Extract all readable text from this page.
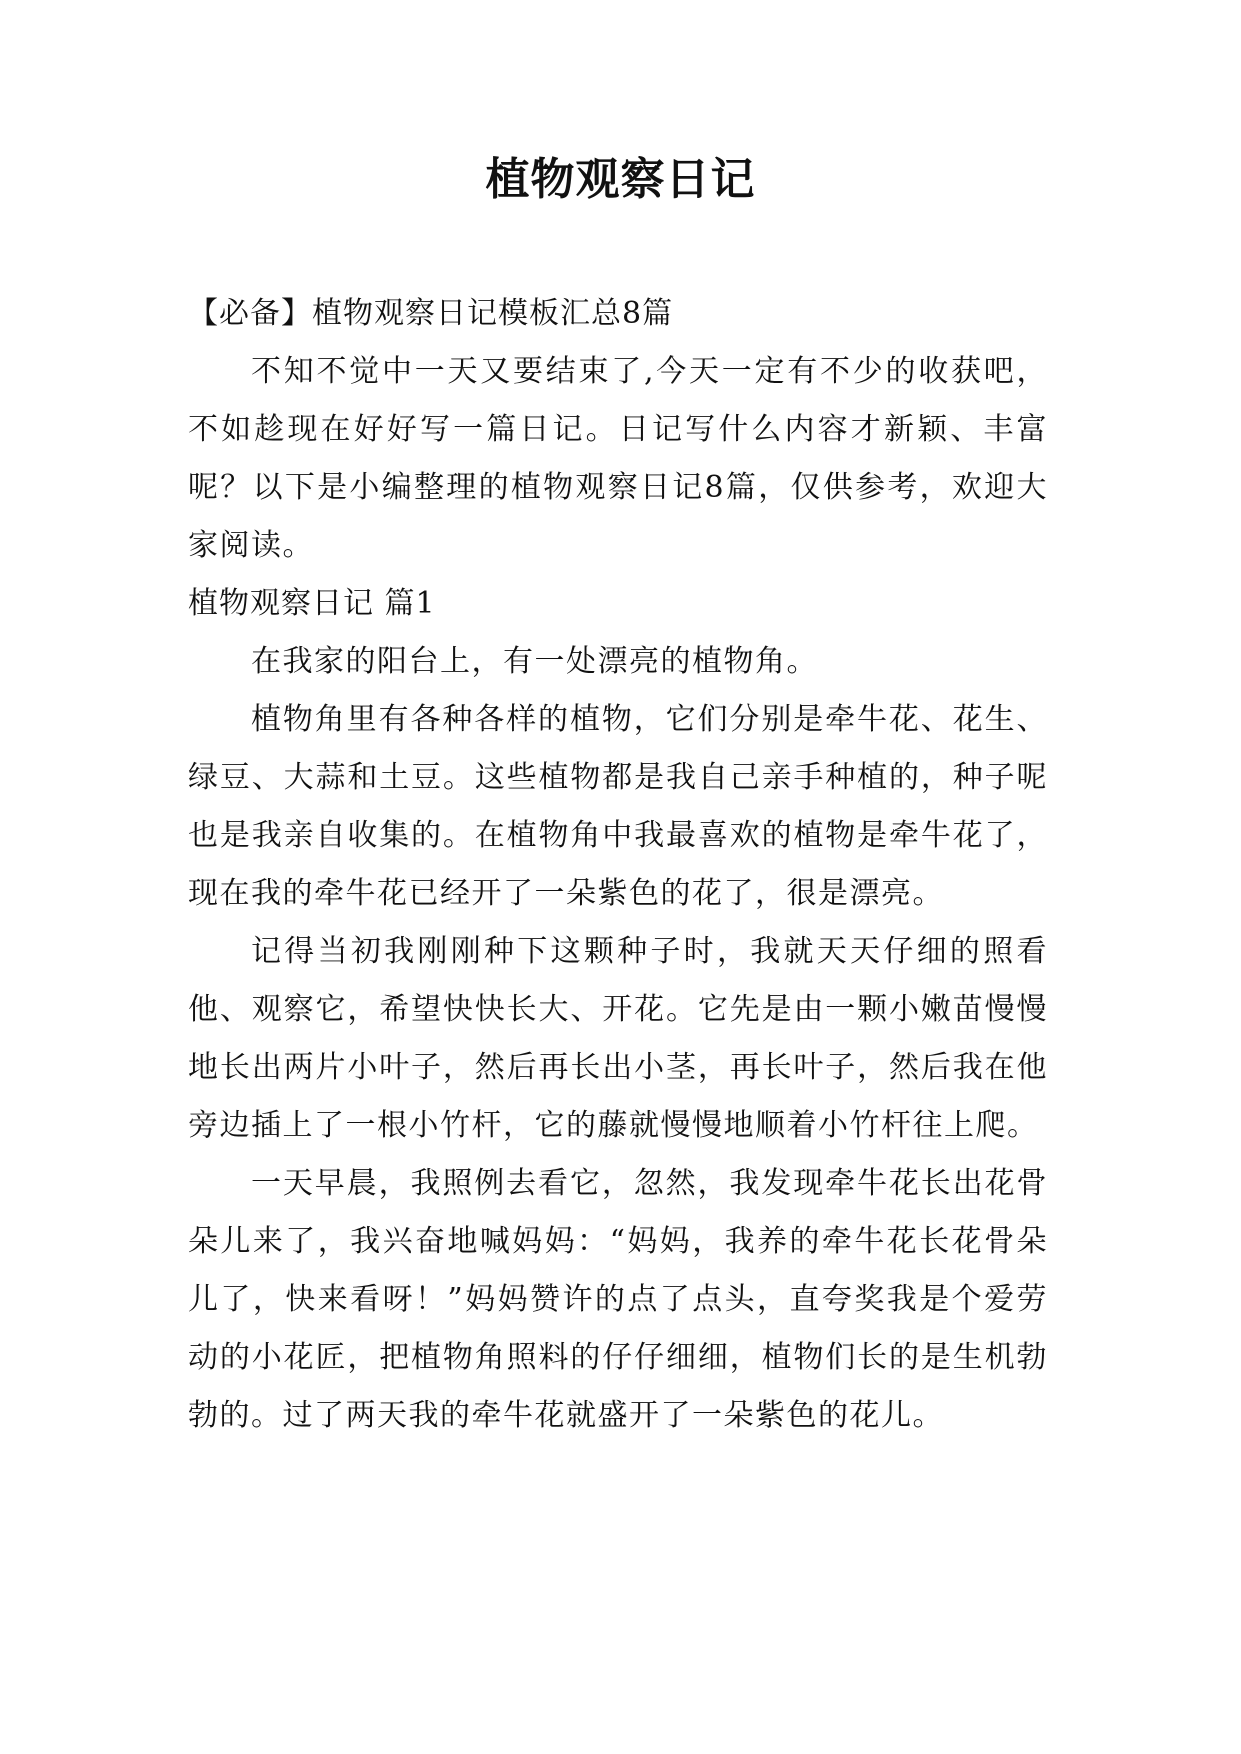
植物观察日记

【必备】植物观察日记模板汇总8篇

不知不觉中一天又要结束了,今天一定有不少的收获吧，不如趁现在好好写一篇日记。日记写什么内容才新颖、丰富呢？以下是小编整理的植物观察日记8篇，仅供参考，欢迎大家阅读。

植物观察日记 篇1

在我家的阳台上，有一处漂亮的植物角。

植物角里有各种各样的植物，它们分别是牵牛花、花生、绿豆、大蒜和土豆。这些植物都是我自己亲手种植的，种子呢也是我亲自收集的。在植物角中我最喜欢的植物是牵牛花了，现在我的牵牛花已经开了一朵紫色的花了，很是漂亮。

记得当初我刚刚种下这颗种子时，我就天天仔细的照看他、观察它，希望快快长大、开花。它先是由一颗小嫩苗慢慢地长出两片小叶子，然后再长出小茎，再长叶子，然后我在他旁边插上了一根小竹杆，它的藤就慢慢地顺着小竹杆往上爬。

一天早晨，我照例去看它，忽然，我发现牵牛花长出花骨朵儿来了，我兴奋地喊妈妈：“妈妈，我养的牵牛花长花骨朵儿了，快来看呀！”妈妈赞许的点了点头，直夸奖我是个爱劳动的小花匠，把植物角照料的仔仔细细，植物们长的是生机勃勃的。过了两天我的牵牛花就盛开了一朵紫色的花儿。
